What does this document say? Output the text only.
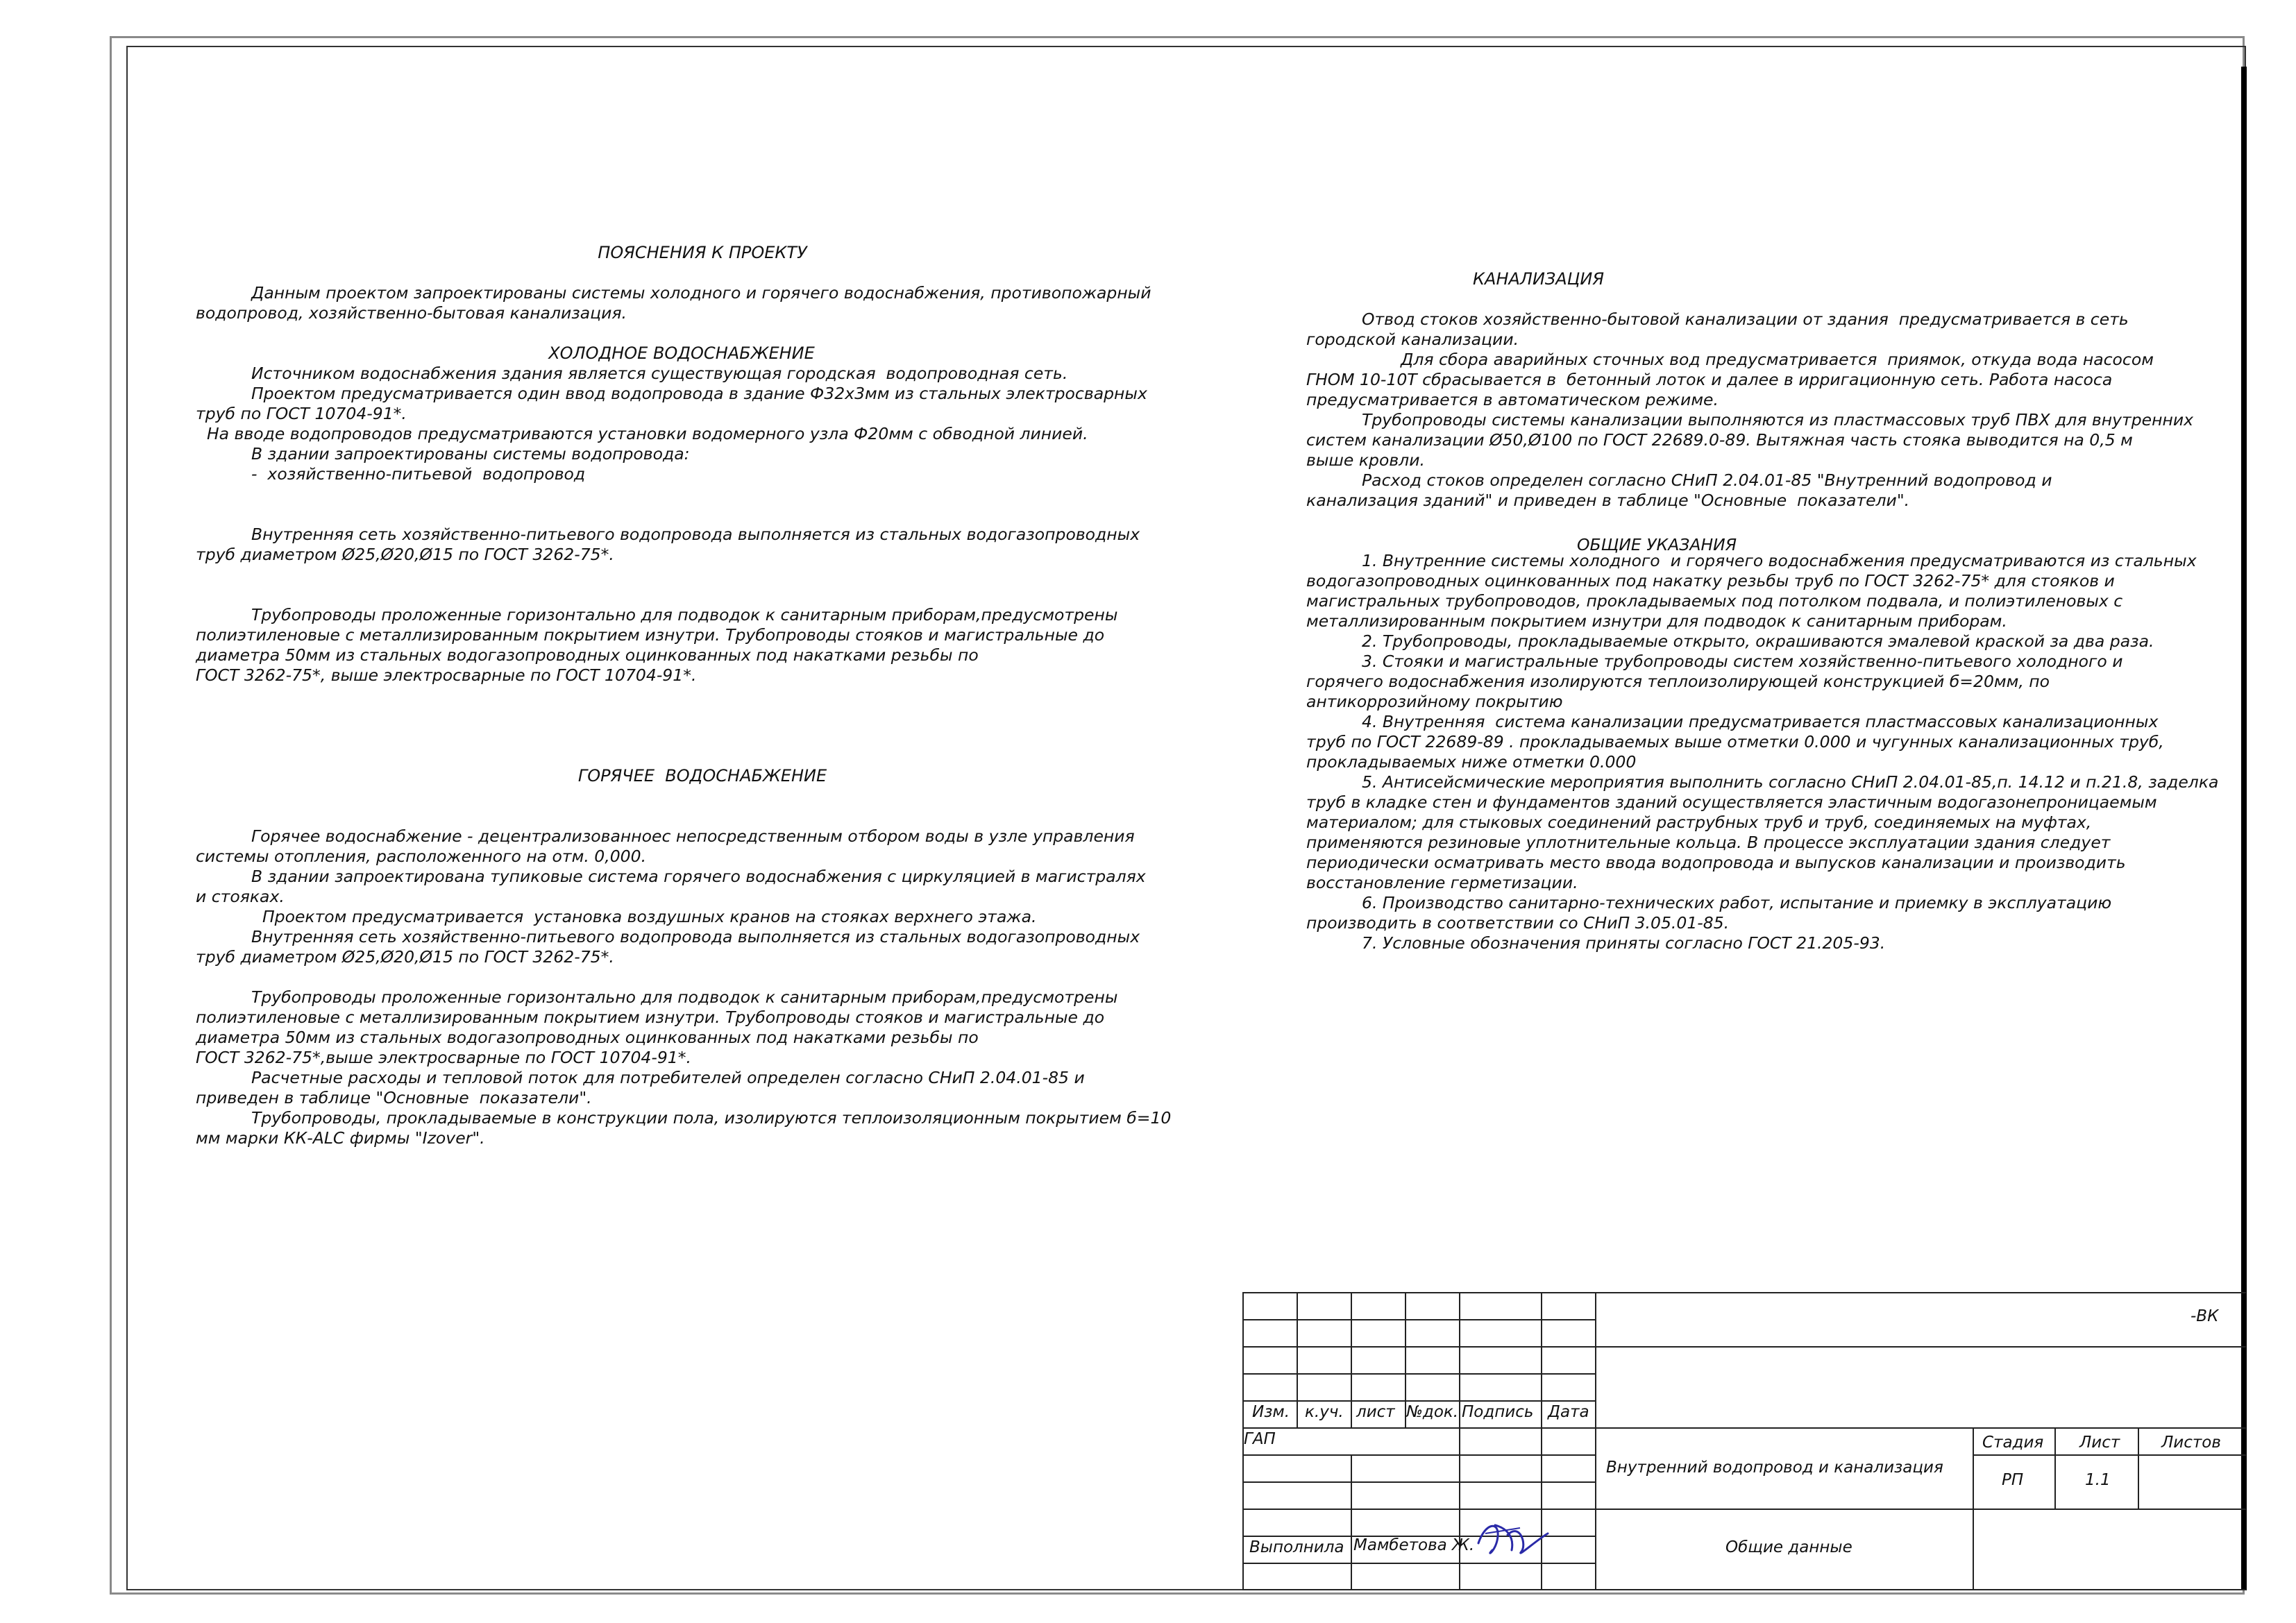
ПОЯСНЕНИЯ К ПРОЕКТУ

Данным проектом запроектированы системы холодного и горячего водоснабжения, противопожарный

водопровод, хозяйственно-бытовая канализация.

ХОЛОДНОЕ ВОДОСНАБЖЕНИЕ

Источником водоснабжения здания является существующая городская  водопроводная сеть.

Проектом предусматривается один ввод водопровода в здание Ф32х3мм из стальных электросварных

труб по ГОСТ 10704-91*.

На вводе водопроводов предусматриваются установки водомерного узла Ф20мм с обводной линией.

В здании запроектированы системы водопровода:

-  хозяйственно-питьевой  водопровод

Внутренняя сеть хозяйственно-питьевого водопровода выполняется из стальных водогазопроводных

труб диаметром Ø25,Ø20,Ø15 по ГОСТ 3262-75*.

Трубопроводы проложенные горизонтально для подводок к санитарным приборам,предусмотрены

полиэтиленовые с металлизированным покрытием изнутри. Трубопроводы стояков и магистральные до

диаметра 50мм из стальных водогазопроводных оцинкованных под накатками резьбы по

ГОСТ 3262-75*, выше электросварные по ГОСТ 10704-91*.

ГОРЯЧЕЕ  ВОДОСНАБЖЕНИЕ

Горячее водоснабжение - децентрализованноес непосредственным отбором воды в узле управления

системы отопления, расположенного на отм. 0,000.

В здании запроектирована тупиковые система горячего водоснабжения с циркуляцией в магистралях

и стояках.

Проектом предусматривается  установка воздушных кранов на стояках верхнего этажа.

Внутренняя сеть хозяйственно-питьевого водопровода выполняется из стальных водогазопроводных

труб диаметром Ø25,Ø20,Ø15 по ГОСТ 3262-75*.

Трубопроводы проложенные горизонтально для подводок к санитарным приборам,предусмотрены

полиэтиленовые с металлизированным покрытием изнутри. Трубопроводы стояков и магистральные до

диаметра 50мм из стальных водогазопроводных оцинкованных под накатками резьбы по

ГОСТ 3262-75*,выше электросварные по ГОСТ 10704-91*.

Расчетные расходы и тепловой поток для потребителей определен согласно СНиП 2.04.01-85 и

приведен в таблице "Основные  показатели".

Трубопроводы, прокладываемые в конструкции пола, изолируются теплоизоляционным покрытием б=10

мм марки КК-ALC фирмы "Izover".

КАНАЛИЗАЦИЯ

Отвод стоков хозяйственно-бытовой канализации от здания  предусматривается в сеть

городской канализации.

Для сбора аварийных сточных вод предусматривается  приямок, откуда вода насосом

ГНОМ 10-10Т сбрасывается в  бетонный лоток и далее в ирригационную сеть. Работа насоса

предусматривается в автоматическом режиме.

Трубопроводы системы канализации выполняются из пластмассовых труб ПВХ для внутренних

систем канализации Ø50,Ø100 по ГОСТ 22689.0-89. Вытяжная часть стояка выводится на 0,5 м

выше кровли.

Расход стоков определен согласно СНиП 2.04.01-85 "Внутренний водопровод и

канализация зданий" и приведен в таблице "Основные  показатели".

ОБЩИЕ УКАЗАНИЯ

1. Внутренние системы холодного  и горячего водоснабжения предусматриваются из стальных

водогазопроводных оцинкованных под накатку резьбы труб по ГОСТ 3262-75* для стояков и

магистральных трубопроводов, прокладываемых под потолком подвала, и полиэтиленовых с

металлизированным покрытием изнутри для подводок к санитарным приборам.

2. Трубопроводы, прокладываемые открыто, окрашиваются эмалевой краской за два раза.

3. Стояки и магистральные трубопроводы систем хозяйственно-питьевого холодного и

горячего водоснабжения изолируются теплоизолирующей конструкцией б=20мм, по

антикоррозийному покрытию

4. Внутренняя  система канализации предусматривается пластмассовых канализационных

труб по ГОСТ 22689-89 . прокладываемых выше отметки 0.000 и чугунных канализационных труб,

прокладываемых ниже отметки 0.000

5. Антисейсмические мероприятия выполнить согласно СНиП 2.04.01-85,п. 14.12 и п.21.8, заделка

труб в кладке стен и фундаментов зданий осуществляется эластичным водогазонепроницаемым

материалом; для стыковых соединений раструбных труб и труб, соединяемых на муфтах,

применяются резиновые уплотнительные кольца. В процессе эксплуатации здания следует

периодически осматривать место ввода водопровода и выпусков канализации и производить

восстановление герметизации.

6. Производство санитарно-технических работ, испытание и приемку в эксплуатацию

производить в соответствии со СНиП 3.05.01-85.

7. Условные обозначения приняты согласно ГОСТ 21.205-93.

-ВК
Изм. к.уч. лист №док. Подпись Дата
ГАП
Выполнила Мамбетова Ж.
Внутренний водопровод и канализация
Общие данные
Стадия Лист	Листов
РП	1.1
